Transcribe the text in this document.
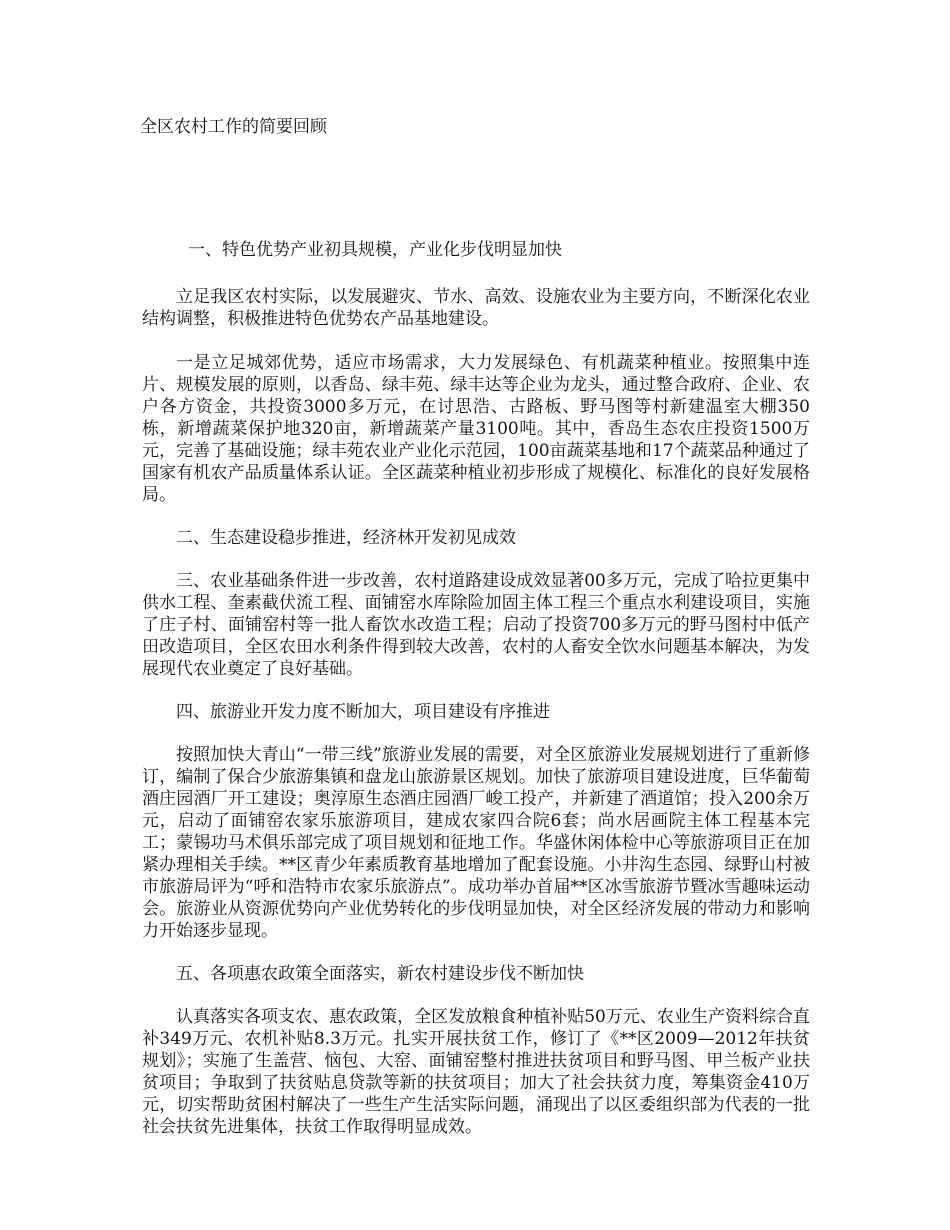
全区农村工作的简要回顾

一、特色优势产业初具规模，产业化步伐明显加快

立足我区农村实际，以发展避灾、节水、高效、设施农业为主要方向，不断深化农业结构调整，积极推进特色优势农产品基地建设。

一是立足城郊优势，适应市场需求，大力发展绿色、有机蔬菜种植业。按照集中连片、规模发展的原则，以香岛、绿丰苑、绿丰达等企业为龙头，通过整合政府、企业、农户各方资金，共投资3000多万元，在讨思浩、古路板、野马图等村新建温室大棚350栋，新增蔬菜保护地320亩，新增蔬菜产量3100吨。其中，香岛生态农庄投资1500万元，完善了基础设施；绿丰苑农业产业化示范园，100亩蔬菜基地和17个蔬菜品种通过了国家有机农产品质量体系认证。全区蔬菜种植业初步形成了规模化、标准化的良好发展格局。

二、生态建设稳步推进，经济林开发初见成效

三、农业基础条件进一步改善，农村道路建设成效显著00多万元，完成了哈拉更集中供水工程、奎素截伏流工程、面铺窑水库除险加固主体工程三个重点水利建设项目，实施了庄子村、面铺窑村等一批人畜饮水改造工程；启动了投资700多万元的野马图村中低产田改造项目，全区农田水利条件得到较大改善，农村的人畜安全饮水问题基本解决，为发展现代农业奠定了良好基础。

四、旅游业开发力度不断加大，项目建设有序推进

按照加快大青山“一带三线”旅游业发展的需要，对全区旅游业发展规划进行了重新修订，编制了保合少旅游集镇和盘龙山旅游景区规划。加快了旅游项目建设进度，巨华葡萄酒庄园酒厂开工建设；奥淳原生态酒庄园酒厂峻工投产，并新建了酒道馆；投入200余万元，启动了面铺窑农家乐旅游项目，建成农家四合院6套；尚水居画院主体工程基本完工；蒙锡功马术俱乐部完成了项目规划和征地工作。华盛休闲体检中心等旅游项目正在加紧办理相关手续。**区青少年素质教育基地增加了配套设施。小井沟生态园、绿野山村被市旅游局评为“呼和浩特市农家乐旅游点”。成功举办首届**区冰雪旅游节暨冰雪趣味运动会。旅游业从资源优势向产业优势转化的步伐明显加快，对全区经济发展的带动力和影响力开始逐步显现。

五、各项惠农政策全面落实，新农村建设步伐不断加快

认真落实各项支农、惠农政策，全区发放粮食种植补贴50万元、农业生产资料综合直补349万元、农机补贴8.3万元。扎实开展扶贫工作，修订了《**区2009—2012年扶贫规划》；实施了生盖营、恼包、大窑、面铺窑整村推进扶贫项目和野马图、甲兰板产业扶贫项目；争取到了扶贫贴息贷款等新的扶贫项目；加大了社会扶贫力度，筹集资金410万元，切实帮助贫困村解决了一些生产生活实际问题，涌现出了以区委组织部为代表的一批社会扶贫先进集体，扶贫工作取得明显成效。
